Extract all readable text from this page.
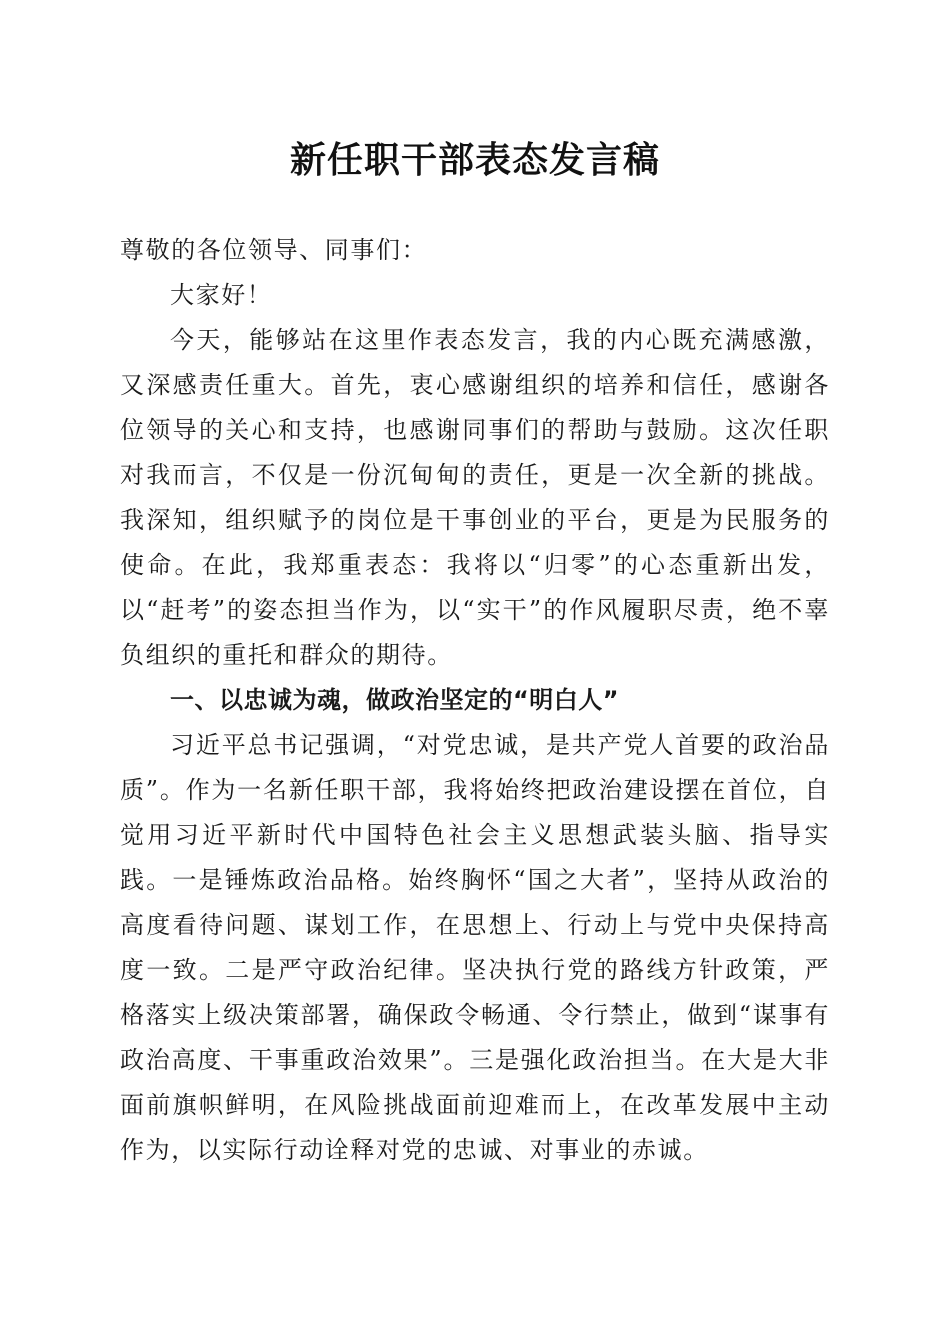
新任职干部表态发言稿

尊敬的各位领导、同事们：

大家好！

今天，能够站在这里作表态发言，我的内心既充满感激，又深感责任重大。首先，衷心感谢组织的培养和信任，感谢各位领导的关心和支持，也感谢同事们的帮助与鼓励。这次任职对我而言，不仅是一份沉甸甸的责任，更是一次全新的挑战。我深知，组织赋予的岗位是干事创业的平台，更是为民服务的使命。在此，我郑重表态：我将以“归零”的心态重新出发，以“赶考”的姿态担当作为，以“实干”的作风履职尽责，绝不辜负组织的重托和群众的期待。

一、以忠诚为魂，做政治坚定的“明白人”

习近平总书记强调，“对党忠诚，是共产党人首要的政治品质”。作为一名新任职干部，我将始终把政治建设摆在首位，自觉用习近平新时代中国特色社会主义思想武装头脑、指导实践。一是锤炼政治品格。始终胸怀“国之大者”，坚持从政治的高度看待问题、谋划工作，在思想上、行动上与党中央保持高度一致。二是严守政治纪律。坚决执行党的路线方针政策，严格落实上级决策部署，确保政令畅通、令行禁止，做到“谋事有政治高度、干事重政治效果”。三是强化政治担当。在大是大非面前旗帜鲜明，在风险挑战面前迎难而上，在改革发展中主动作为，以实际行动诠释对党的忠诚、对事业的赤诚。
